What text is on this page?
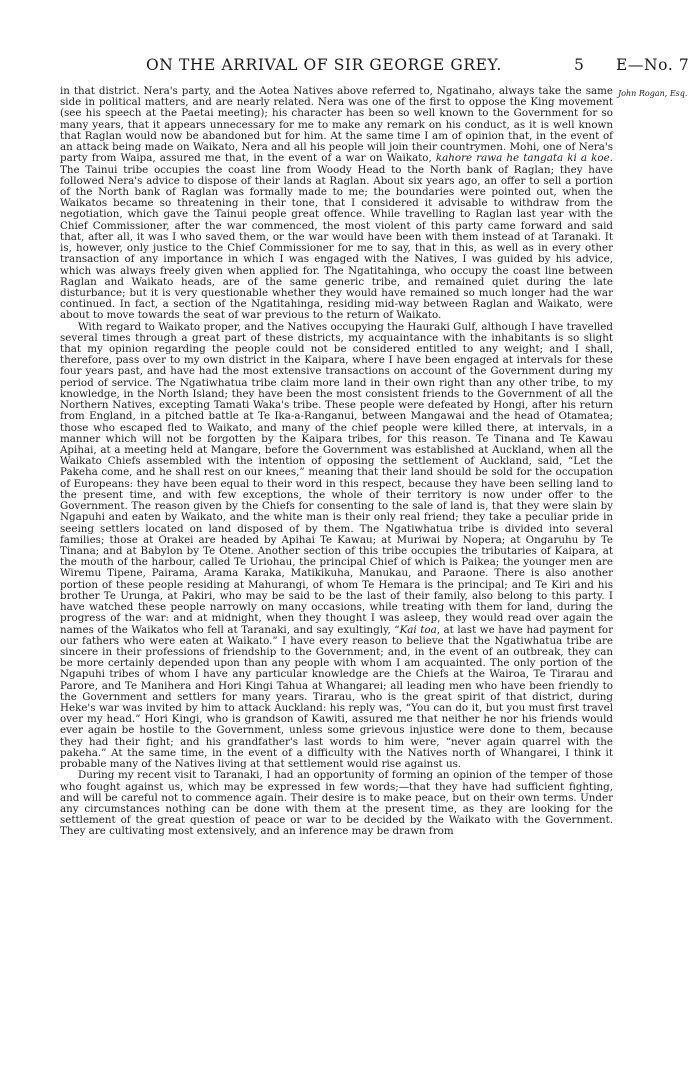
ON THE ARRIVAL OF SIR GEORGE GREY.	5 E—No. 7
John Rogan, Esq.

in that district. Nera's party, and the Aotea Natives above referred to, Ngatinaho, always take the same side in political matters, and are nearly related. Nera was one of the first to oppose the King movement (see his speech at the Paetai meeting); his character has been so well known to the Government for so many years, that it appears unnecessary for me to make any remark on his conduct, as it is well known that Raglan would now be abandoned but for him. At the same time I am of opinion that, in the event of an attack being made on Waikato, Nera and all his people will join their countrymen. Mohi, one of Nera's party from Waipa, assured me that, in the event of a war on Waikato, kahore rawa he tangata ki a koe. The Tainui tribe occupies the coast line from Woody Head to the North bank of Raglan; they have followed Nera's advice to dispose of their lands at Raglan. About six years ago, an offer to sell a portion of the North bank of Raglan was formally made to me; the boundaries were pointed out, when the Waikatos became so threatening in their tone, that I considered it advisable to withdraw from the negotiation, which gave the Tainui people great offence. While travelling to Raglan last year with the Chief Commissioner, after the war commenced, the most violent of this party came forward and said that, after all, it was I who saved them, or the war would have been with them instead of at Taranaki. It is, however, only justice to the Chief Commissioner for me to say, that in this, as well as in every other transaction of any importance in which I was engaged with the Natives, I was guided by his advice, which was always freely given when applied for. The Ngatitahinga, who occupy the coast line between Raglan and Waikato heads, are of the same generic tribe, and remained quiet during the late disturbance; but it is very questionable whether they would have remained so much longer had the war continued. In fact, a section of the Ngatitahinga, residing mid-way between Raglan and Waikato, were about to move towards the seat of war previous to the return of Waikato.

With regard to Waikato proper, and the Natives occupying the Hauraki Gulf, although I have travelled several times through a great part of these districts, my acquaintance with the inhabitants is so slight that my opinion regarding the people could not be considered entitled to any weight; and I shall, therefore, pass over to my own district in the Kaipara, where I have been engaged at intervals for these four years past, and have had the most extensive transactions on account of the Government during my period of service. The Ngatiwhatua tribe claim more land in their own right than any other tribe, to my knowledge, in the North Island; they have been the most consistent friends to the Government of all the Northern Natives, excepting Tamati Waka's tribe. These people were defeated by Hongi, after his return from England, in a pitched battle at Te Ika-a-Ranganui, between Mangawai and the head of Otamatea; those who escaped fled to Waikato, and many of the chief people were killed there, at intervals, in a manner which will not be forgotten by the Kaipara tribes, for this reason. Te Tinana and Te Kawau Apihai, at a meeting held at Mangare, before the Government was established at Auckland, when all the Waikato Chiefs assembled with the intention of opposing the settlement of Auckland, said, “Let the Pakeha come, and he shall rest on our knees,” meaning that their land should be sold for the occupation of Europeans: they have been equal to their word in this respect, because they have been selling land to the present time, and with few exceptions, the whole of their territory is now under offer to the Government. The reason given by the Chiefs for consenting to the sale of land is, that they were slain by Ngapuhi and eaten by Waikato, and the white man is their only real friend; they take a peculiar pride in seeing settlers located on land disposed of by them. The Ngatiwhatua tribe is divided into several families; those at Orakei are headed by Apihai Te Kawau; at Muriwai by Nopera; at Ongaruhu by Te Tinana; and at Babylon by Te Otene. Another section of this tribe occupies the tributaries of Kaipara, at the mouth of the harbour, called Te Uriohau, the principal Chief of which is Paikea; the younger men are Wiremu Tipene, Pairama, Arama Karaka, Matikikuha, Manukau, and Paraone. There is also another portion of these people residing at Mahurangi, of whom Te Hemara is the principal; and Te Kiri and his brother Te Urunga, at Pakiri, who may be said to be the last of their family, also belong to this party. I have watched these people narrowly on many occasions, while treating with them for land, during the progress of the war: and at midnight, when they thought I was asleep, they would read over again the names of the Waikatos who fell at Taranaki, and say exultingly, “Kai toa, at last we have had payment for our fathers who were eaten at Waikato.” I have every reason to believe that the Ngatiwhatua tribe are sincere in their professions of friendship to the Government; and, in the event of an outbreak, they can be more certainly depended upon than any people with whom I am acquainted. The only portion of the Ngapuhi tribes of whom I have any particular knowledge are the Chiefs at the Wairoa, Te Tirarau and Parore, and Te Manihera and Hori Kingi Tahua at Whangarei; all leading men who have been friendly to the Government and settlers for many years. Tirarau, who is the great spirit of that district, during Heke's war was invited by him to attack Auckland: his reply was, “You can do it, but you must first travel over my head.” Hori Kingi, who is grandson of Kawiti, assured me that neither he nor his friends would ever again be hostile to the Government, unless some grievous injustice were done to them, because they had their fight; and his grandfather's last words to him were, “never again quarrel with the pakeha.” At the same time, in the event of a difficulty with the Natives north of Whangarei, I think it probable many of the Natives living at that settlement would rise against us.

During my recent visit to Taranaki, I had an opportunity of forming an opinion of the temper of those who fought against us, which may be expressed in few words;—that they have had sufficient fighting, and will be careful not to commence again. Their desire is to make peace, but on their own terms. Under any circumstances nothing can be done with them at the present time, as they are looking for the settlement of the great question of peace or war to be decided by the Waikato with the Government. They are cultivating most extensively, and an inference may be drawn from
